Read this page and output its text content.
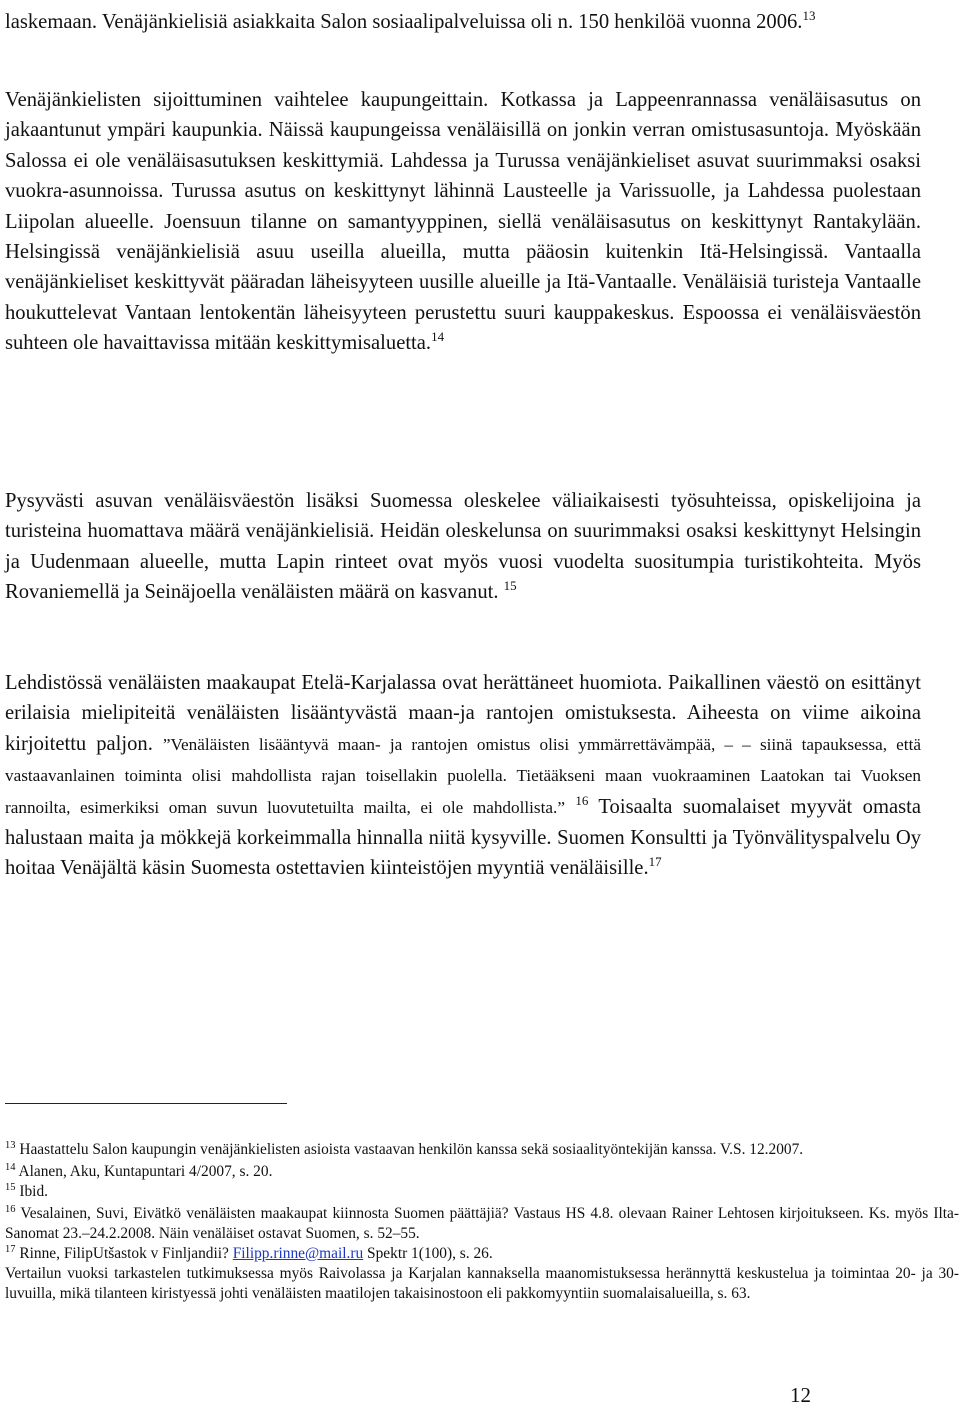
laskemaan. Venäjänkielisiä asiakkaita Salon sosiaalipalveluissa oli n. 150 henkilöä vuonna 2006.13

Venäjänkielisten sijoittuminen vaihtelee kaupungeittain. Kotkassa ja Lappeenrannassa venäläisasutus on jakaantunut ympäri kaupunkia. Näissä kaupungeissa venäläisillä on jonkin verran omistusasuntoja. Myöskään Salossa ei ole venäläisasutuksen keskittymiä. Lahdessa ja Turussa venäjänkieliset asuvat suurimmaksi osaksi vuokra-asunnoissa. Turussa asutus on keskittynyt lähinnä Lausteelle ja Varissuolle, ja Lahdessa puolestaan Liipolan alueelle. Joensuun tilanne on samantyyppinen, siellä venäläisasutus on keskittynyt Rantakylään. Helsingissä venäjänkielisiä asuu useilla alueilla, mutta pääosin kuitenkin Itä-Helsingissä. Vantaalla venäjänkieliset keskittyvät pääradan läheisyyteen uusille alueille ja Itä-Vantaalle. Venäläisiä turisteja Vantaalle houkuttelevat Vantaan lentokentän läheisyyteen perustettu suuri kauppakeskus. Espoossa ei venäläisväestön suhteen ole havaittavissa mitään keskittymisaluetta.$^{14}$

Pysyvästi asuvan venäläisväestön lisäksi Suomessa oleskelee väliaikaisesti työsuhteissa, opiskelijoina ja turisteina huomattava määrä venäjänkielisiä. Heidän oleskelunsa on suurimmaksi osaksi keskittynyt Helsingin ja Uudenmaan alueelle, mutta Lapin rinteet ovat myös vuosi vuodelta suositumpia turistikohteita. Myös Rovaniemellä ja Seinäjoella venäläisten määrä on kasvanut. $^{15}$

Lehdistössä venäläisten maakaupat Etelä-Karjalassa ovat herättäneet huomiota. Paikallinen väestö on esittänyt erilaisia mielipiteitä venäläisten lisääntyvästä maan-ja rantojen omistuksesta. Aiheesta on viime aikoina kirjoitettu paljon. ”Venäläisten lisääntyvä maan- ja rantojen omistus olisi ymmärrettävämpää, – – siinä tapauksessa, että vastaavanlainen toiminta olisi mahdollista rajan toisellakin puolella. Tietääkseni maan vuokraaminen Laatokan tai Vuoksen rannoilta, esimerkiksi oman suvun luovutetuilta mailta, ei ole mahdollista.” $^{16}$ Toisaalta suomalaiset myyvät omasta halustaan maita ja mökkejä korkeimmalla hinnalla niitä kysyville. Suomen Konsultti ja Työnvälityspalvelu Oy hoitaa Venäjältä käsin Suomesta ostettavien kiinteistöjen myyntiä venäläisille.$^{17}$

$^{13}$ Haastattelu Salon kaupungin venäjänkielisten asioista vastaavan henkilön kanssa sekä sosiaalityöntekijän kanssa. V.S. 12.2007.

$^{14}$ Alanen, Aku, Kuntapuntari 4/2007, s. 20.

$^{15}$ Ibid.

$^{16}$ Vesalainen, Suvi, Eivätkö venäläisten maakaupat kiinnosta Suomen päättäjiä? Vastaus HS 4.8. olevaan Rainer Lehtosen kirjoitukseen. Ks. myös Ilta-Sanomat 23.–24.2.2008. Näin venäläiset ostavat Suomen, s. 52–55.

$^{17}$ Rinne, FilipUtšastok v Finljandii? Filipp.rinne@mail.ru Spektr 1(100), s. 26.

Vertailun vuoksi tarkastelen tutkimuksessa myös Raivolassa ja Karjalan kannaksella maanomistuksessa herännyttä keskustelua ja toimintaa 20- ja 30-luvuilla, mikä tilanteen kiristyessä johti venäläisten maatilojen takaisinostoon eli pakkomyyntiin suomalaisalueilla, s. 63.

12
